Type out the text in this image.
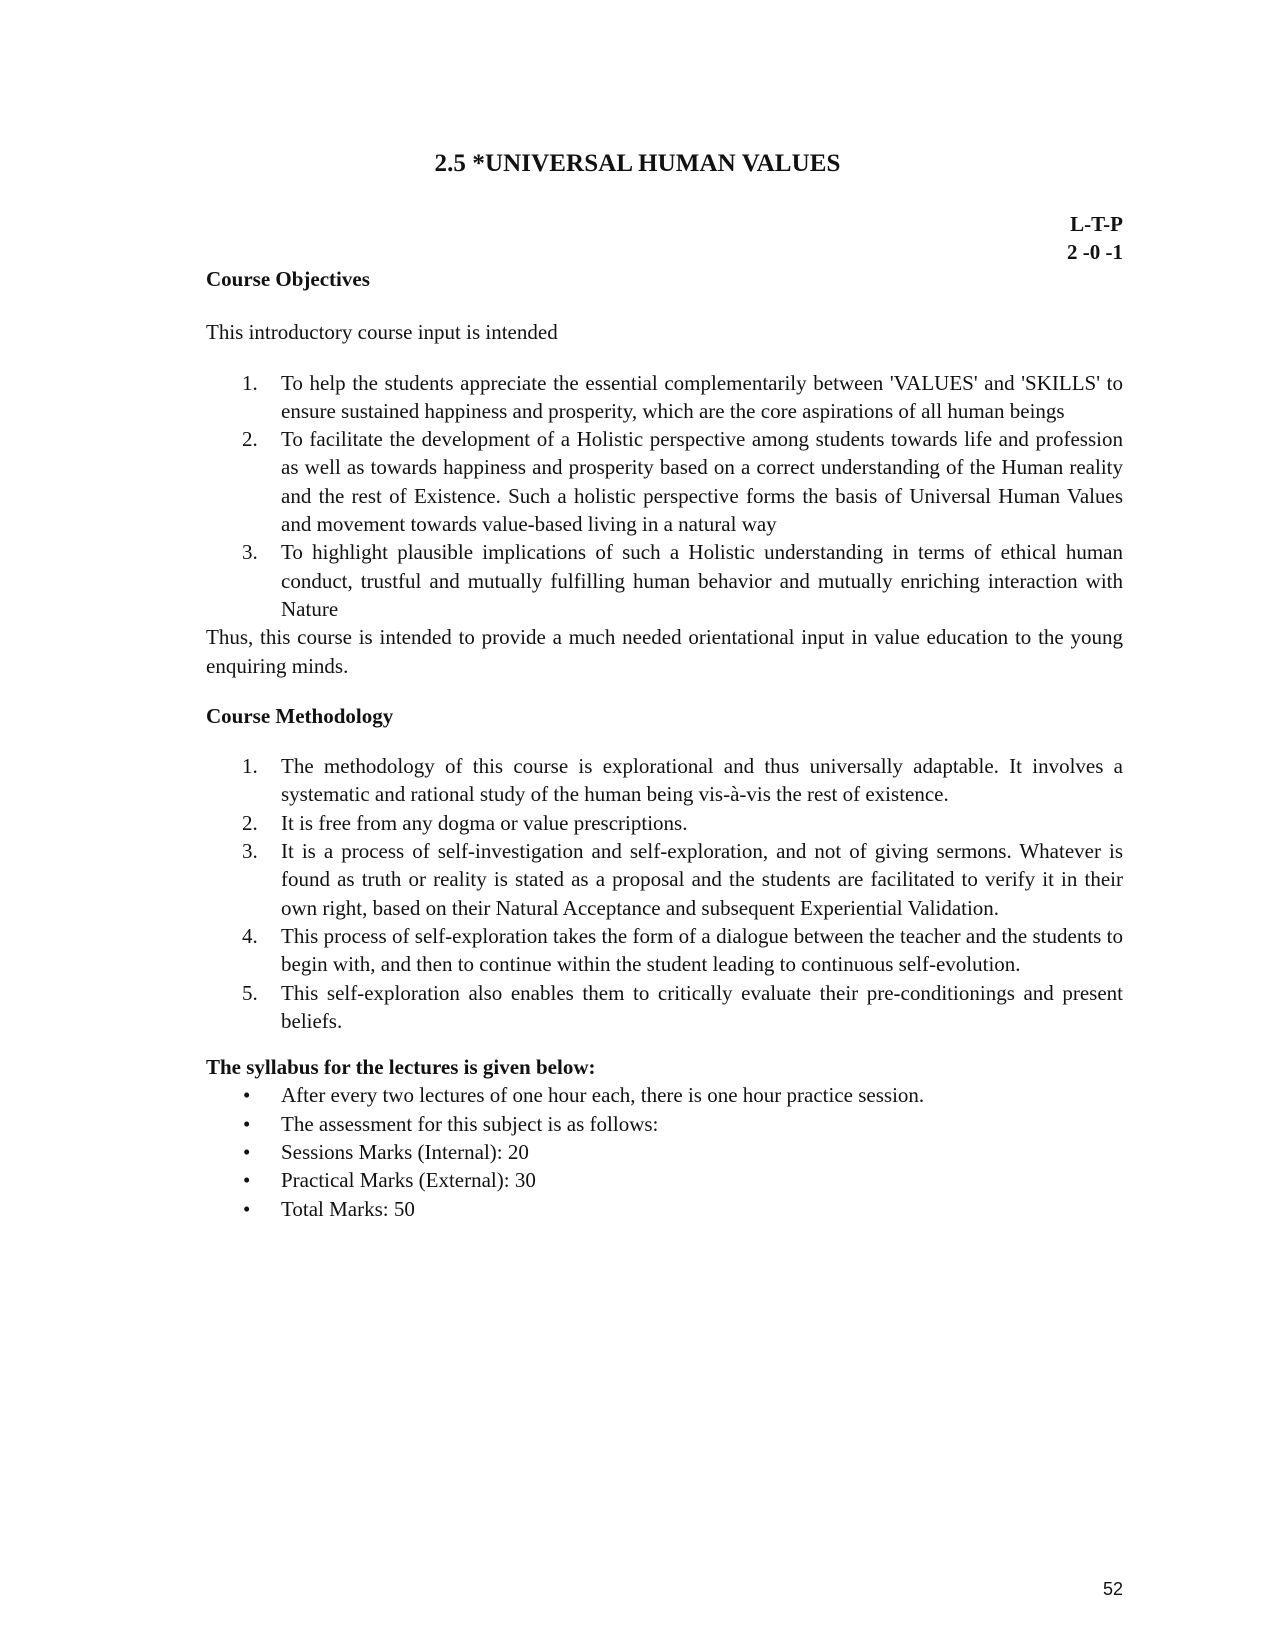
2.5 *UNIVERSAL HUMAN VALUES
L-T-P
2 -0 -1

Course Objectives

This introductory course input is intended

1. To help the students appreciate the essential complementarily between 'VALUES' and 'SKILLS' to ensure sustained happiness and prosperity, which are the core aspirations of all human beings
2. To facilitate the development of a Holistic perspective among students towards life and profession as well as towards happiness and prosperity based on a correct understanding of the Human reality and the rest of Existence. Such a holistic perspective forms the basis of Universal Human Values and movement towards value-based living in a natural way
3. To highlight plausible implications of such a Holistic understanding in terms of ethical human conduct, trustful and mutually fulfilling human behavior and mutually enriching interaction with Nature

Thus, this course is intended to provide a much needed orientational input in value education to the young enquiring minds.

Course Methodology

1. The methodology of this course is explorational and thus universally adaptable. It involves a systematic and rational study of the human being vis-à-vis the rest of existence.
2. It is free from any dogma or value prescriptions.
3. It is a process of self-investigation and self-exploration, and not of giving sermons. Whatever is found as truth or reality is stated as a proposal and the students are facilitated to verify it in their own right, based on their Natural Acceptance and subsequent Experiential Validation.
4. This process of self-exploration takes the form of a dialogue between the teacher and the students to begin with, and then to continue within the student leading to continuous self-evolution.
5. This self-exploration also enables them to critically evaluate their pre-conditionings and present beliefs.

The syllabus for the lectures is given below:

• After every two lectures of one hour each, there is one hour practice session.
• The assessment for this subject is as follows:
• Sessions Marks (Internal): 20
• Practical Marks (External): 30
• Total Marks: 50
52
